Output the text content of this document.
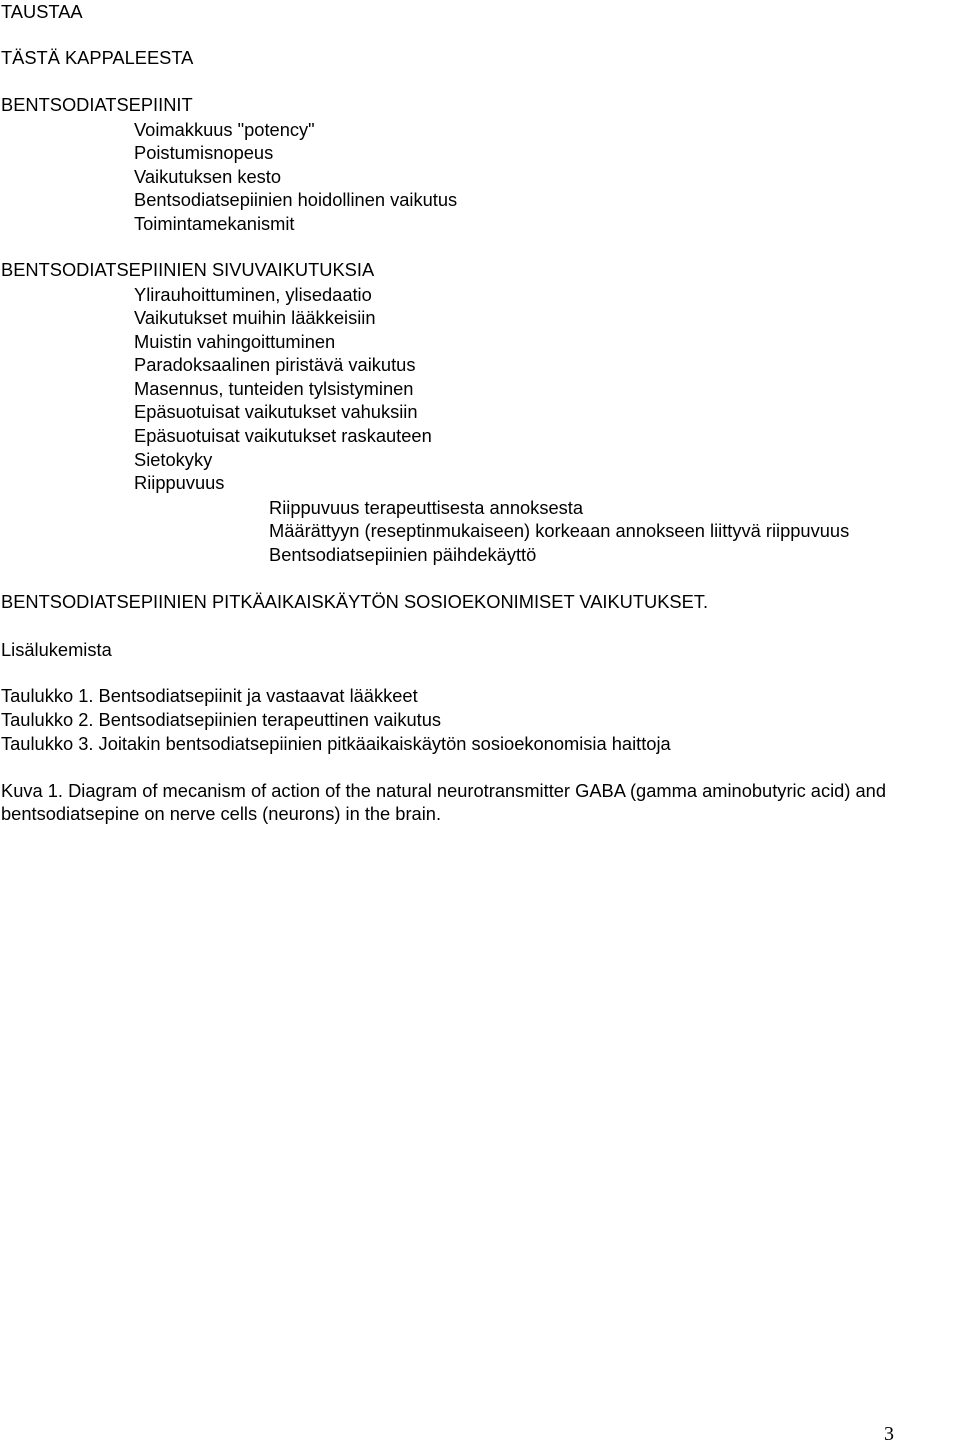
TAUSTAA

TÄSTÄ KAPPALEESTA

BENTSODIATSEPIINIT

Voimakkuus "potency"

Poistumisnopeus

Vaikutuksen kesto

Bentsodiatsepiinien hoidollinen vaikutus

Toimintamekanismit

BENTSODIATSEPIINIEN SIVUVAIKUTUKSIA

Ylirauhoittuminen, ylisedaatio

Vaikutukset muihin lääkkeisiin

Muistin vahingoittuminen

Paradoksaalinen piristävä vaikutus

Masennus, tunteiden tylsistyminen

Epäsuotuisat vaikutukset vahuksiin

Epäsuotuisat vaikutukset raskauteen

Sietokyky

Riippuvuus

Riippuvuus terapeuttisesta annoksesta

Määrättyyn (reseptinmukaiseen) korkeaan annokseen liittyvä riippuvuus

Bentsodiatsepiinien päihdekäyttö

BENTSODIATSEPIINIEN PITKÄAIKAISKÄYTÖN SOSIOEKONIMISET VAIKUTUKSET.

Lisälukemista

Taulukko 1. Bentsodiatsepiinit ja vastaavat lääkkeet

Taulukko 2. Bentsodiatsepiinien terapeuttinen vaikutus

Taulukko 3. Joitakin bentsodiatsepiinien pitkäaikaiskäytön sosioekonomisia haittoja

Kuva 1. Diagram of mecanism of action of the natural neurotransmitter GABA (gamma aminobutyric acid) and bentsodiatsepine on nerve cells (neurons) in the brain.

3
